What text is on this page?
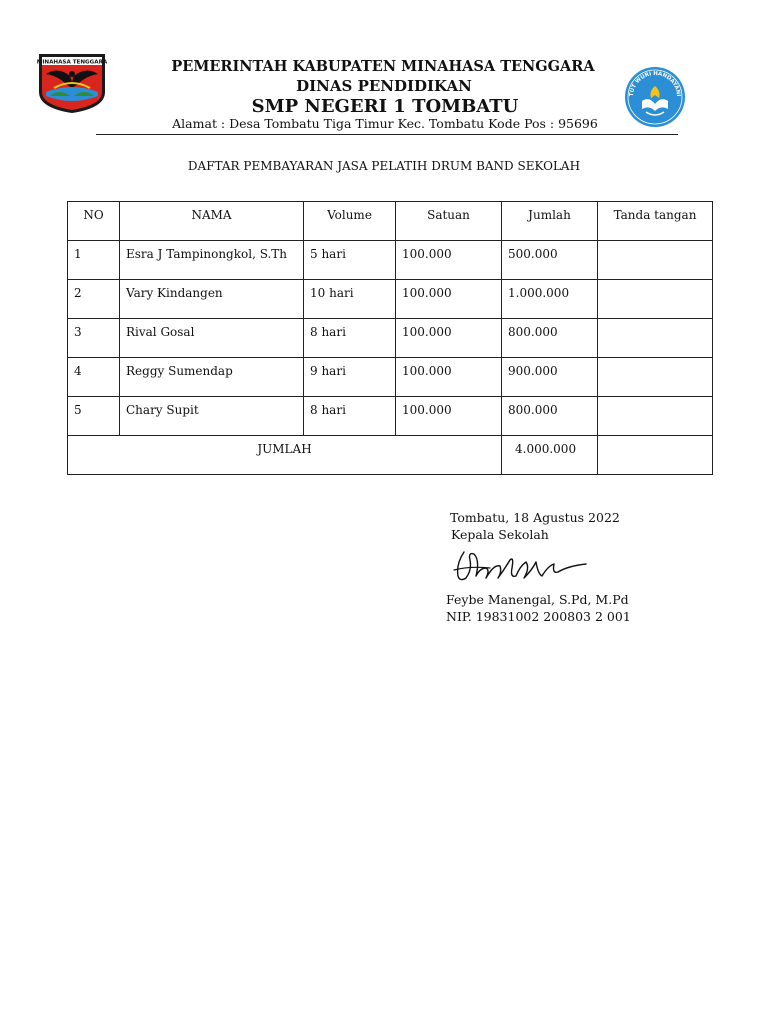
MINAHASA TENGGARA	PEMERINTAH KABUPATEN MINAHASA TENGGARA
DINAS PENDIDIKAN
SMP NEGERI 1 TOMBATU
Alamat : Desa Tombatu Tiga Timur Kec. Tombatu Kode Pos : 95696
TUT WURI HANDAYANI
DAFTAR PEMBAYARAN JASA PELATIH DRUM BAND SEKOLAH
NO	NAMA	Volume	Satuan	Jumlah	Tanda tangan
1	Esra J Tampinongkol, S.Th	5 hari	100.000	500.000	
2	Vary Kindangen	10 hari	100.000	1.000.000	
3	Rival Gosal	8 hari	100.000	800.000	
4	Reggy Sumendap	9 hari	100.000	900.000	
5	Chary Supit	8 hari	100.000	800.000	
JUMLAH				4.000.000	
Tombatu, 18 Agustus 2022
Kepala Sekolah
Feybe Manengal, S.Pd, M.Pd
NIP. 19831002 200803 2 001
